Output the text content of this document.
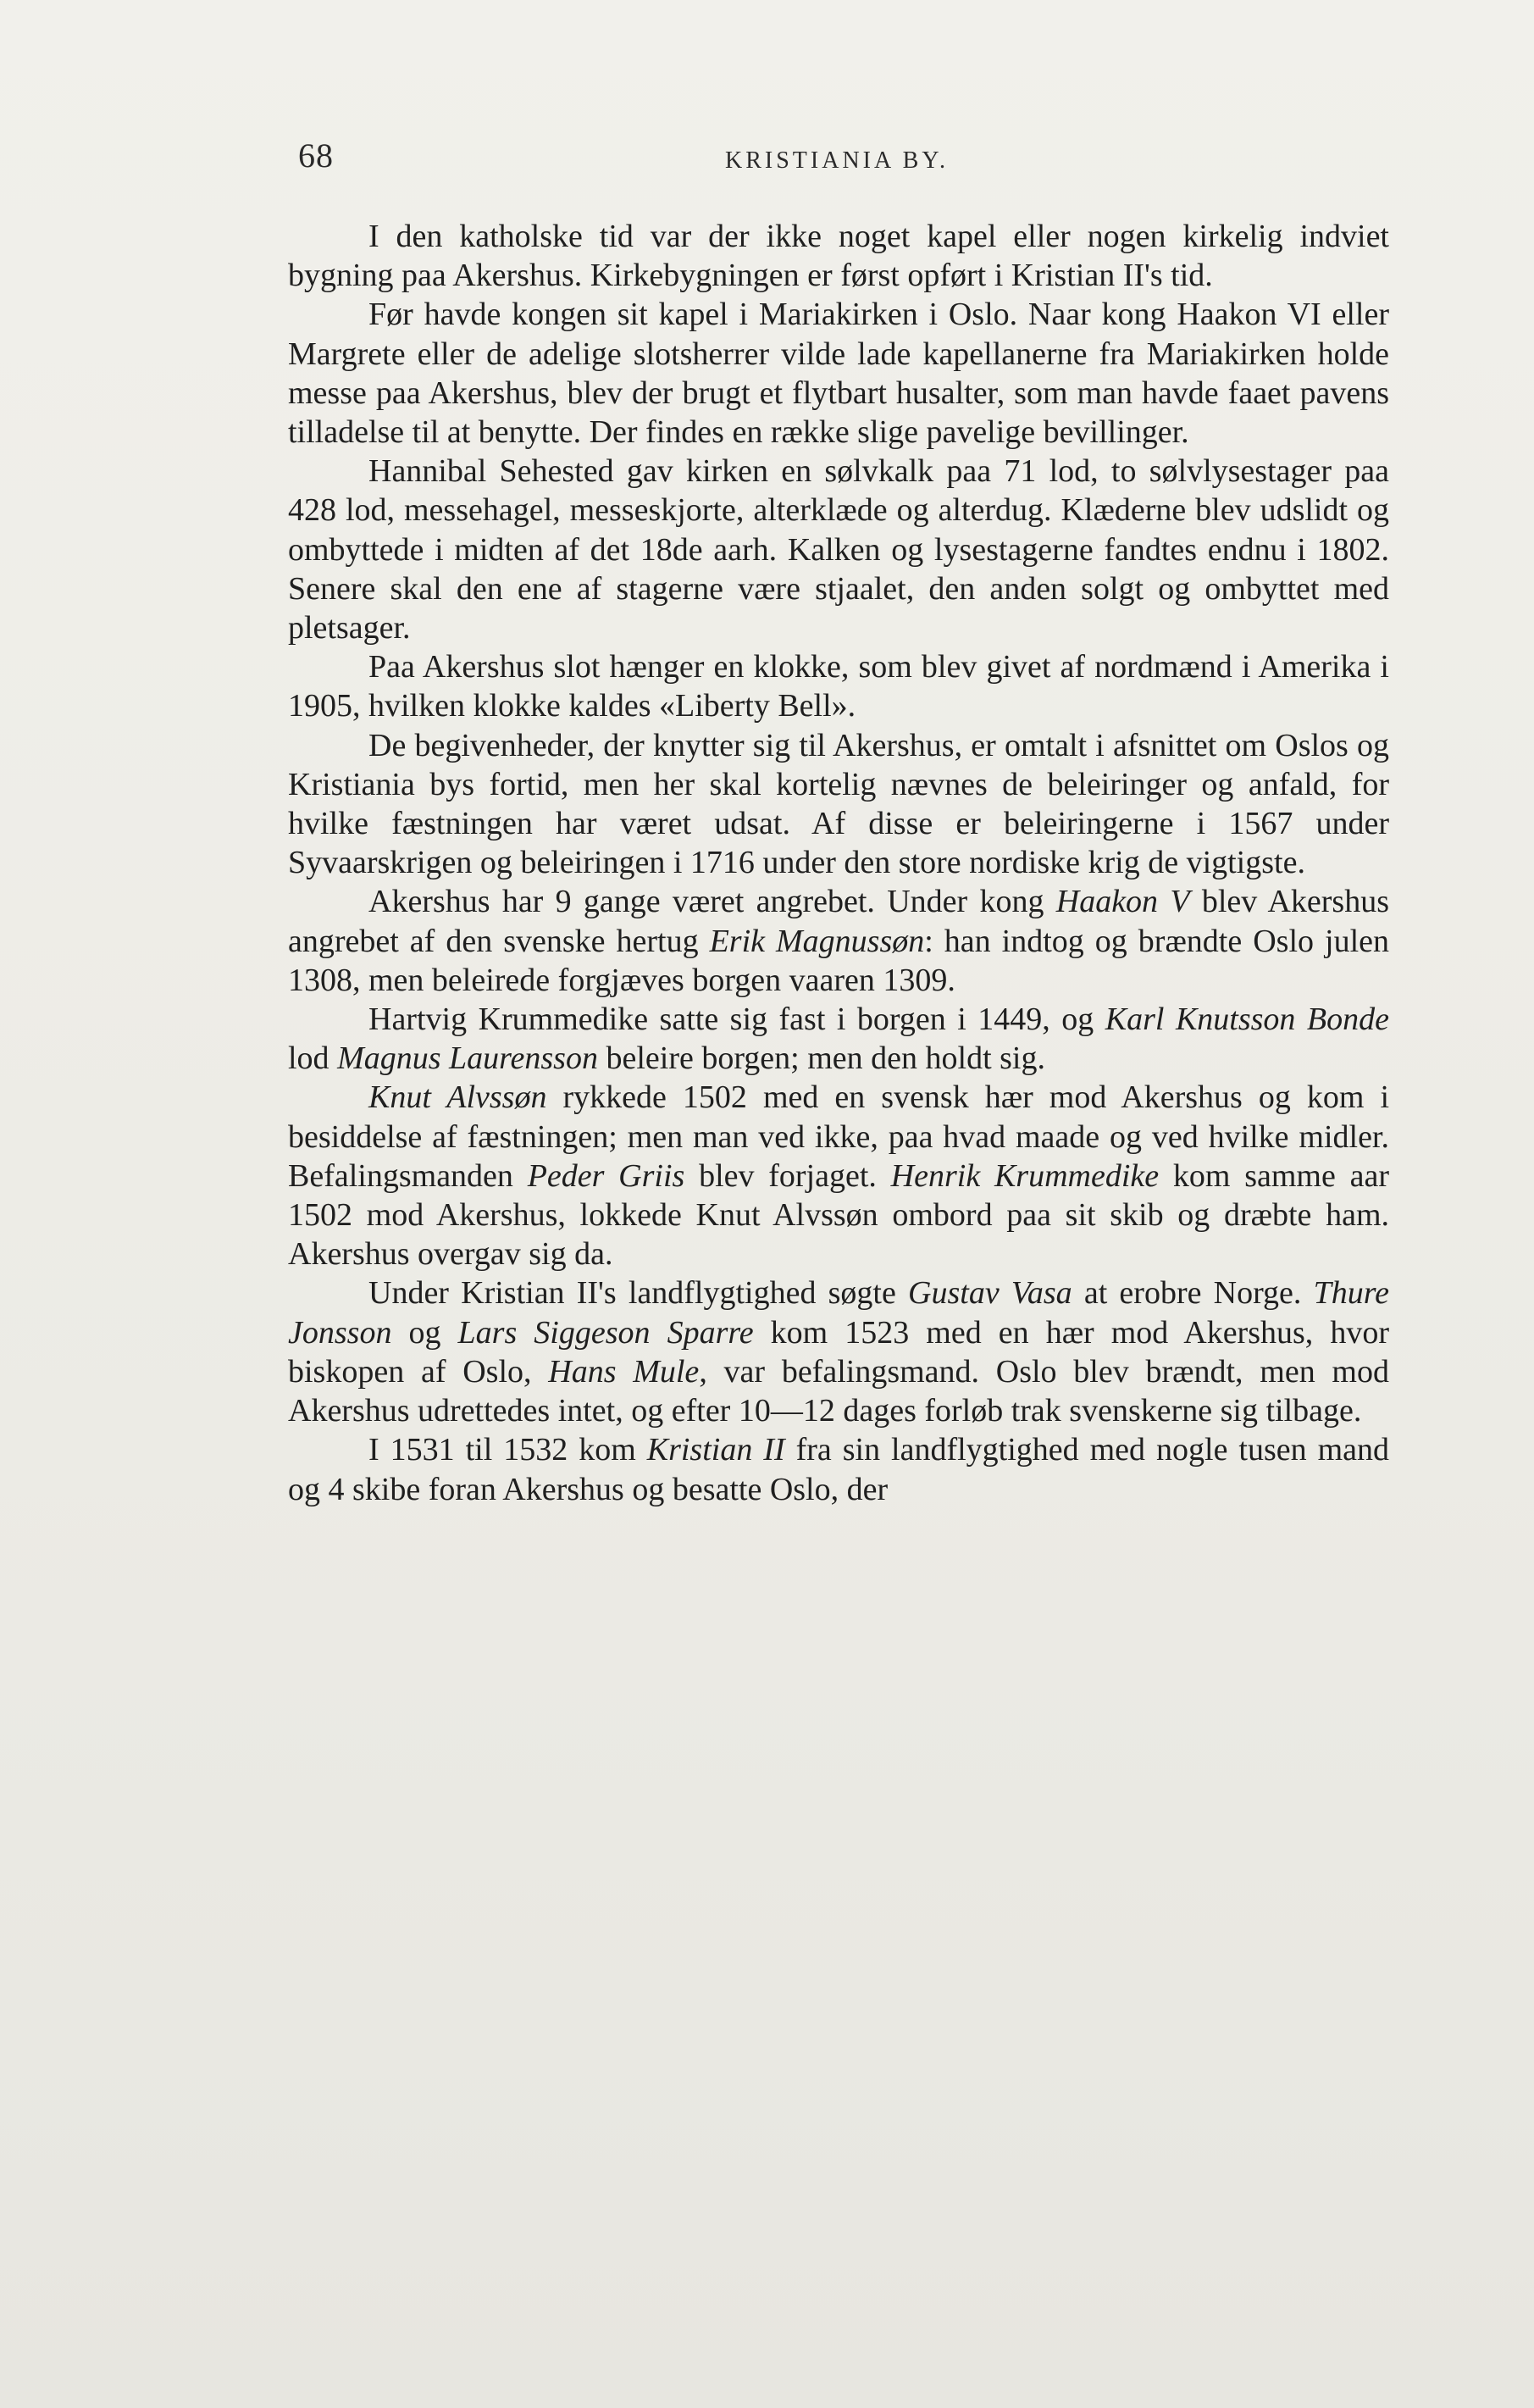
68	KRISTIANIA BY.

I den katholske tid var der ikke noget kapel eller nogen kirkelig indviet bygning paa Akershus. Kirkebygningen er først opført i Kristian II's tid.

Før havde kongen sit kapel i Mariakirken i Oslo. Naar kong Haakon VI eller Margrete eller de adelige slotsherrer vilde lade kapellanerne fra Mariakirken holde messe paa Akershus, blev der brugt et flytbart husalter, som man havde faaet pavens tilladelse til at benytte. Der findes en række slige pavelige bevillinger.

Hannibal Sehested gav kirken en sølvkalk paa 71 lod, to sølvlysestager paa 428 lod, messehagel, messeskjorte, alterklæde og alterdug. Klæderne blev udslidt og ombyttede i midten af det 18de aarh. Kalken og lysestagerne fandtes endnu i 1802. Senere skal den ene af stagerne være stjaalet, den anden solgt og ombyttet med pletsager.

Paa Akershus slot hænger en klokke, som blev givet af nordmænd i Amerika i 1905, hvilken klokke kaldes «Liberty Bell».

De begivenheder, der knytter sig til Akershus, er omtalt i afsnittet om Oslos og Kristiania bys fortid, men her skal kortelig nævnes de beleiringer og anfald, for hvilke fæstningen har været udsat. Af disse er beleiringerne i 1567 under Syvaarskrigen og beleiringen i 1716 under den store nordiske krig de vigtigste.

Akershus har 9 gange været angrebet. Under kong Haakon V blev Akershus angrebet af den svenske hertug Erik Magnussøn: han indtog og brændte Oslo julen 1308, men beleirede forgjæves borgen vaaren 1309.

Hartvig Krummedike satte sig fast i borgen i 1449, og Karl Knutsson Bonde lod Magnus Laurensson beleire borgen; men den holdt sig.

Knut Alvssøn rykkede 1502 med en svensk hær mod Akershus og kom i besiddelse af fæstningen; men man ved ikke, paa hvad maade og ved hvilke midler. Befalingsmanden Peder Griis blev forjaget. Henrik Krummedike kom samme aar 1502 mod Akershus, lokkede Knut Alvssøn ombord paa sit skib og dræbte ham. Akershus overgav sig da.

Under Kristian II's landflygtighed søgte Gustav Vasa at erobre Norge. Thure Jonsson og Lars Siggeson Sparre kom 1523 med en hær mod Akershus, hvor biskopen af Oslo, Hans Mule, var befalingsmand. Oslo blev brændt, men mod Akershus udrettedes intet, og efter 10—12 dages forløb trak svenskerne sig tilbage.

I 1531 til 1532 kom Kristian II fra sin landflygtighed med nogle tusen mand og 4 skibe foran Akershus og besatte Oslo, der
